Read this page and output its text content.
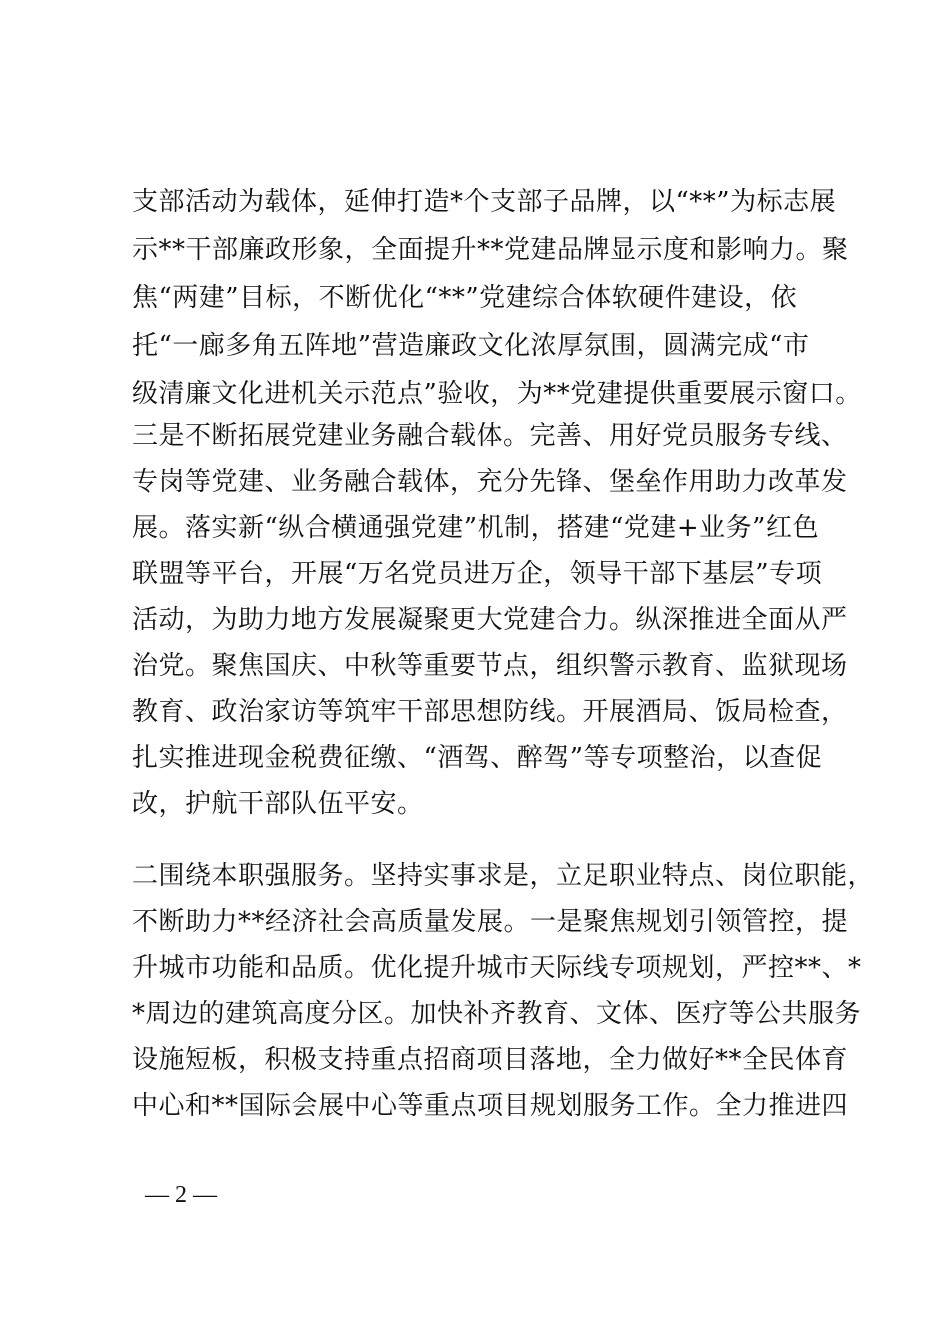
支部活动为载体，延伸打造*个支部子品牌，以“**”为标志展
示**干部廉政形象，全面提升**党建品牌显示度和影响力。聚
焦“两建”目标，不断优化“**”党建综合体软硬件建设，依
托“一廊多角五阵地”营造廉政文化浓厚氛围，圆满完成“市
级清廉文化进机关示范点”验收，为**党建提供重要展示窗口。
三是不断拓展党建业务融合载体。完善、用好党员服务专线、
专岗等党建、业务融合载体，充分先锋、堡垒作用助力改革发
展。落实新“纵合横通强党建”机制，搭建“党建+业务”红色
联盟等平台，开展“万名党员进万企，领导干部下基层”专项
活动，为助力地方发展凝聚更大党建合力。纵深推进全面从严
治党。聚焦国庆、中秋等重要节点，组织警示教育、监狱现场
教育、政治家访等筑牢干部思想防线。开展酒局、饭局检查，
扎实推进现金税费征缴、“酒驾、醉驾”等专项整治，以查促
改，护航干部队伍平安。
二围绕本职强服务。坚持实事求是，立足职业特点、岗位职能，
不断助力**经济社会高质量发展。一是聚焦规划引领管控，提
升城市功能和品质。优化提升城市天际线专项规划，严控**、*
*周边的建筑高度分区。加快补齐教育、文体、医疗等公共服务
设施短板，积极支持重点招商项目落地，全力做好**全民体育
中心和**国际会展中心等重点项目规划服务工作。全力推进四
— 2 —
